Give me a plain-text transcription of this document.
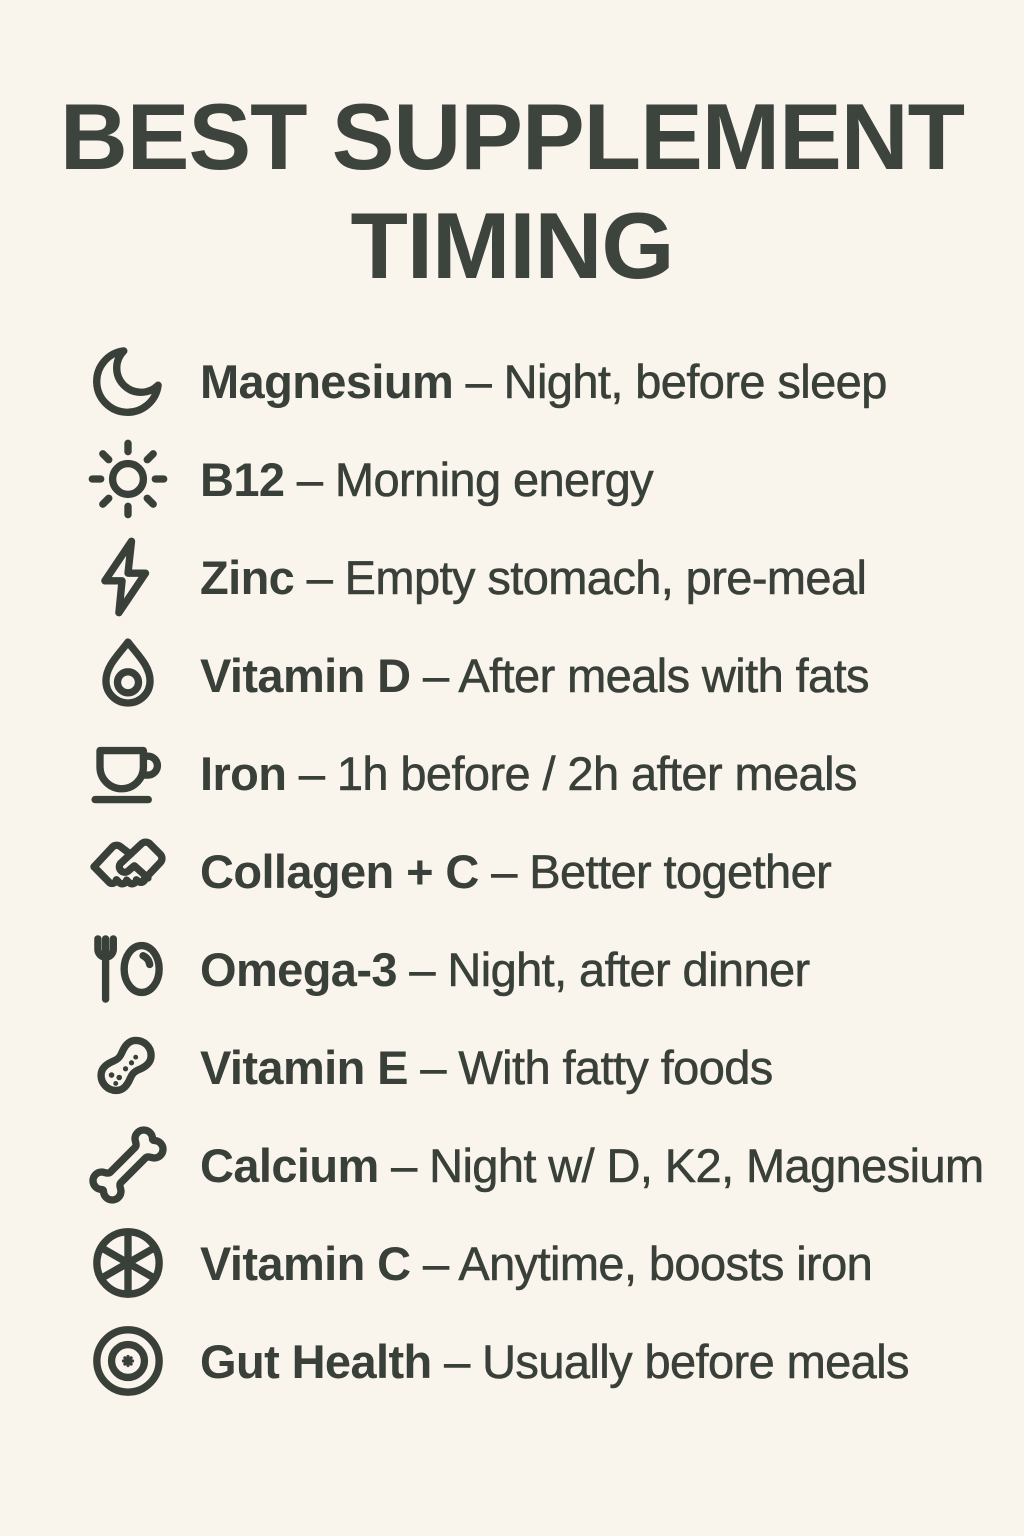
BEST SUPPLEMENT
TIMING

Magnesium – Night, before sleep

B12 – Morning energy

Zinc – Empty stomach, pre-meal

Vitamin D – After meals with fats

Iron – 1h before / 2h after meals

Collagen + C – Better together

Omega-3 – Night, after dinner

Vitamin E – With fatty foods

Calcium – Night w/ D, K2, Magnesium

Vitamin C – Anytime, boosts iron

Gut Health – Usually before meals
